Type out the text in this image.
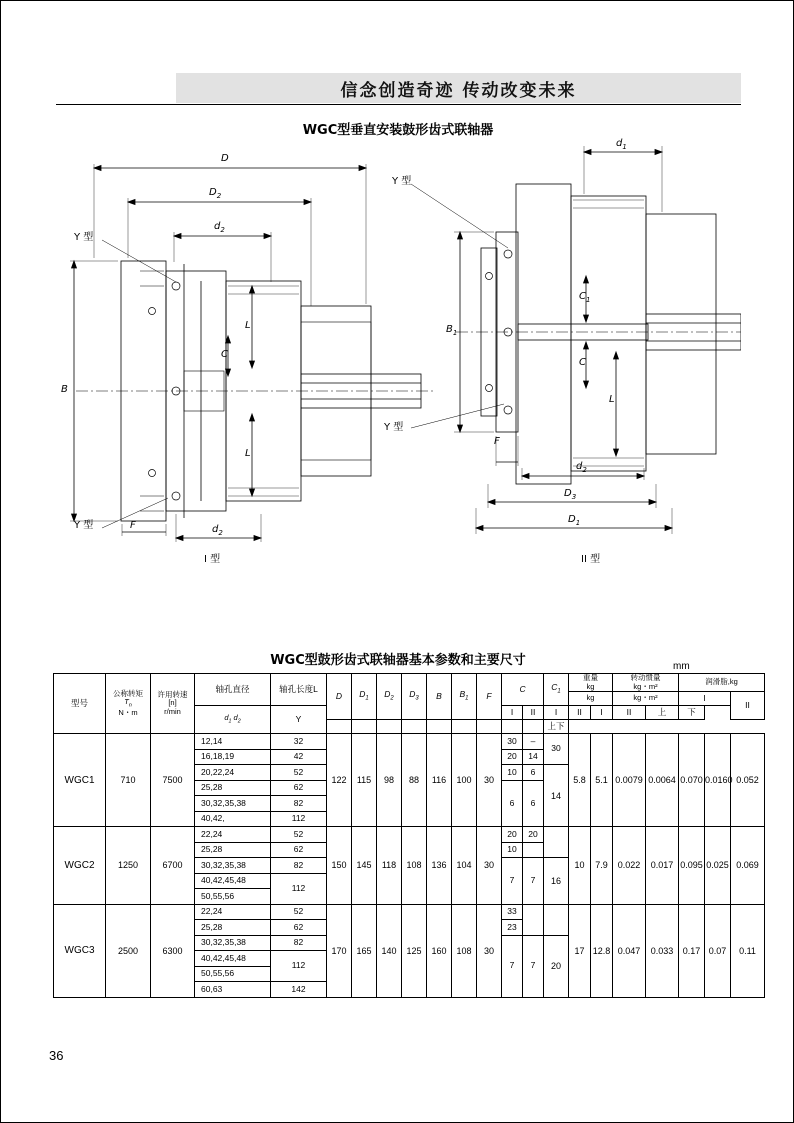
信念创造奇迹 传动改变未来
WGC型垂直安装鼓形齿式联轴器
D
$D_2$
$d_2$
B
L
L
C
F	$d_2$
Y 型
Y 型
I 型
$d_1$
$B_1$
$C_1$
C
L
F
$d_2$
$D_3$
$D_1$
Y 型
Y 型
II 型
WGC型鼓形齿式联轴器基本参数和主要尺寸	mm
型号	
公称转矩
$T_n$
N・m

许用转速
[n]
r/min
	轴孔直径	轴孔长度L	D	$D_1$	$D_2$	$D_3$	B	$B_1$	F	C	$C_1$	
重量
kg

转动惯量
kg・m²	润滑脂,kg
															kg		kg・m²		I		II
			$d_1$ $d_2$	Y								I	II	I	II	I	II	上	下		
														上下							
WGC1	710	7500	12,14	32	122	115	98	88	116	100	30	30	–	30	5.8	5.1	0.0079	0.0064	0.070	0.0160	0.052
			16,18,19	42								20	14								
			20,22,24	52								10	6	14							
			25,28	62								6	6								
			30,32,35,38	82																	
			40,42,	112																	
WGC2	1250	6700	22,24	52	150	145	118	108	136	104	30	20	20		10	7.9	0.022	0.017	0.095	0.025	0.069
			25,28	62								10									
			30,32,35,38	82								7	7	16							
			40,42,45,48	112																	
			50,55,56																		
WGC3	2500	6300	22,24	52	170	165	140	125	160	108	30	33			17	12.8	0.047	0.033	0.17	0.07	0.11
			25,28	62								23									
			30,32,35,38	82								7	7	20							
			40,42,45,48	112																	
			50,55,56																		
			60,63	142																	
36
